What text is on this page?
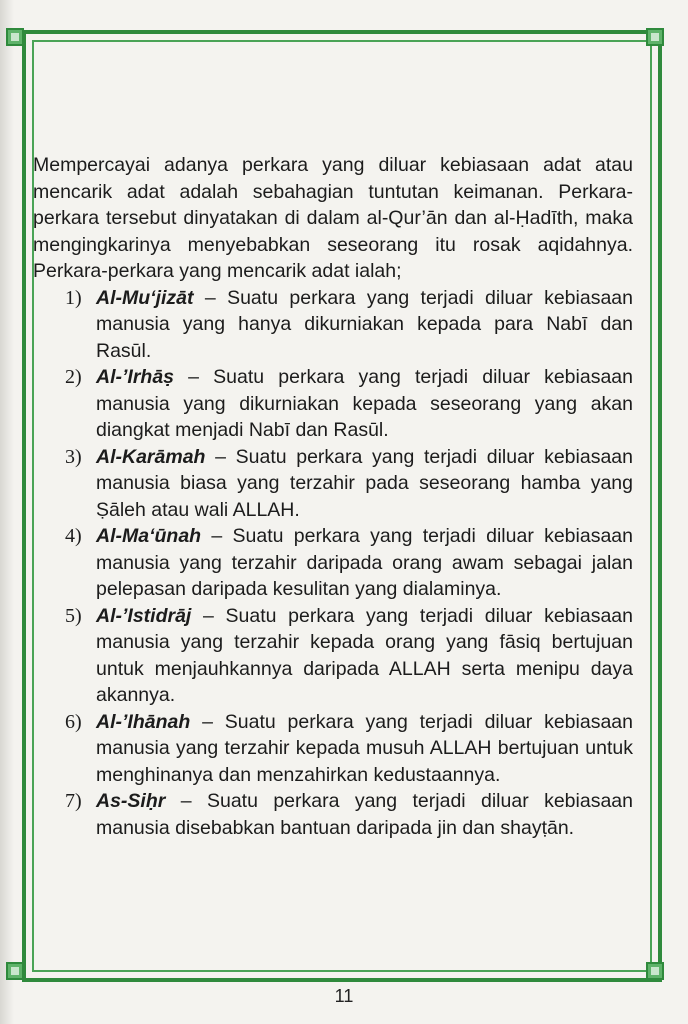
Mempercayai adanya perkara yang diluar kebiasaan adat atau mencarik adat adalah sebahagian tuntutan keimanan. Perkara-perkara tersebut dinyatakan di dalam al-Qur’ān dan al-Ḥadīth, maka mengingkarinya menyebabkan seseorang itu rosak aqidahnya. Perkara-perkara yang mencarik adat ialah;

1) Al-Mu‘jizāt – Suatu perkara yang terjadi diluar kebiasaan manusia yang hanya dikurniakan kepada para Nabī dan Rasūl.
2) Al-’Irhāṣ – Suatu perkara yang terjadi diluar kebiasaan manusia yang dikurniakan kepada seseorang yang akan diangkat menjadi Nabī dan Rasūl.
3) Al-Karāmah – Suatu perkara yang terjadi diluar kebiasaan manusia biasa yang terzahir pada seseorang hamba yang Ṣāleh atau wali ALLAH.
4) Al-Ma‘ūnah – Suatu perkara yang terjadi diluar kebiasaan manusia yang terzahir daripada orang awam sebagai jalan pelepasan daripada kesulitan yang dialaminya.
5) Al-’Istidrāj – Suatu perkara yang terjadi diluar kebiasaan manusia yang terzahir kepada orang yang fāsiq bertujuan untuk menjauhkannya daripada ALLAH serta menipu daya akannya.
6) Al-’Ihānah – Suatu perkara yang terjadi diluar kebiasaan manusia yang terzahir kepada musuh ALLAH bertujuan untuk menghinanya dan menzahirkan kedustaannya.
7) As-Siḥr – Suatu perkara yang terjadi diluar kebiasaan manusia disebabkan bantuan daripada jin dan shayṭān.
11
